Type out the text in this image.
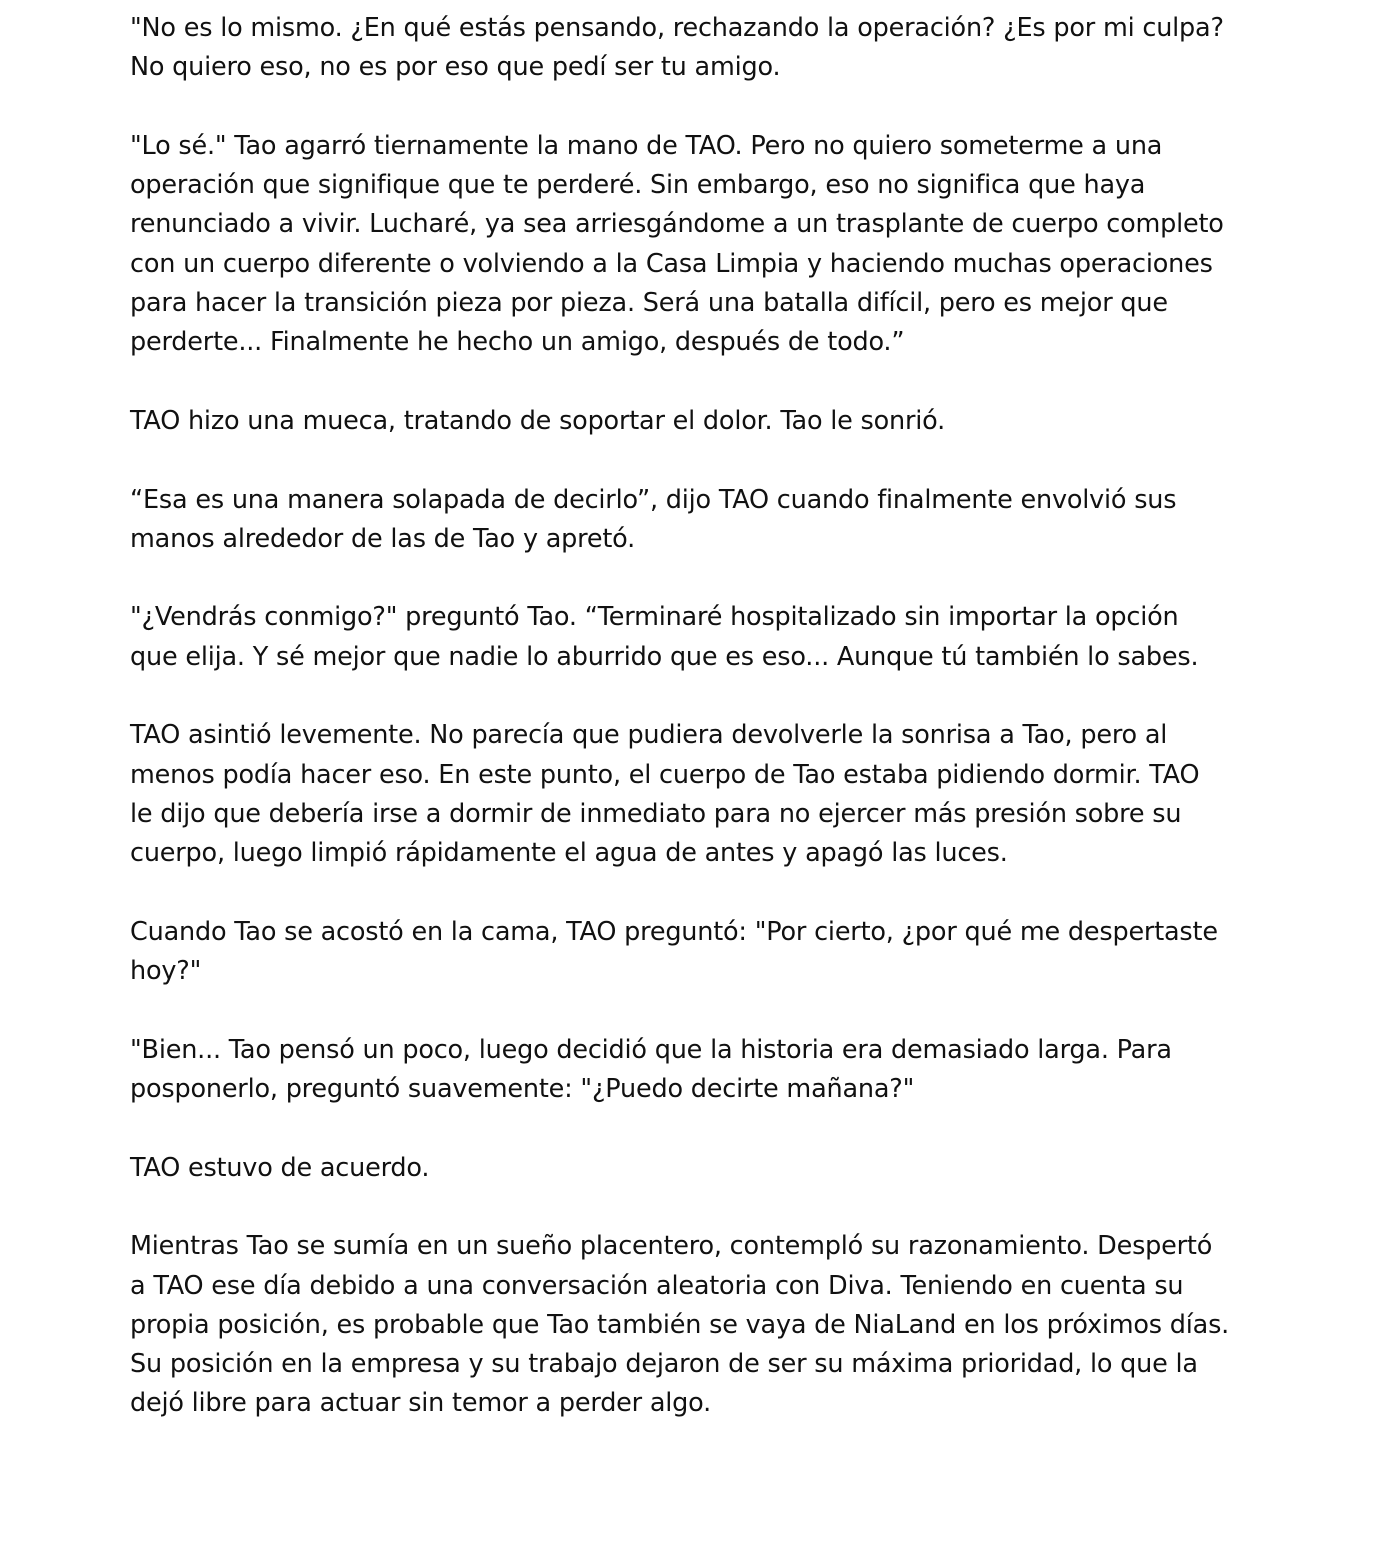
"No es lo mismo. ¿En qué estás pensando, rechazando la operación? ¿Es por mi culpa?
No quiero eso, no es por eso que pedí ser tu amigo.

"Lo sé." Tao agarró tiernamente la mano de TAO. Pero no quiero someterme a una
operación que signifique que te perderé. Sin embargo, eso no significa que haya
renunciado a vivir. Lucharé, ya sea arriesgándome a un trasplante de cuerpo completo
con un cuerpo diferente o volviendo a la Casa Limpia y haciendo muchas operaciones
para hacer la transición pieza por pieza. Será una batalla difícil, pero es mejor que
perderte... Finalmente he hecho un amigo, después de todo.”

TAO hizo una mueca, tratando de soportar el dolor. Tao le sonrió.

“Esa es una manera solapada de decirlo”, dijo TAO cuando finalmente envolvió sus
manos alrededor de las de Tao y apretó.

"¿Vendrás conmigo?" preguntó Tao. “Terminaré hospitalizado sin importar la opción
que elija. Y sé mejor que nadie lo aburrido que es eso... Aunque tú también lo sabes.

TAO asintió levemente. No parecía que pudiera devolverle la sonrisa a Tao, pero al
menos podía hacer eso. En este punto, el cuerpo de Tao estaba pidiendo dormir. TAO
le dijo que debería irse a dormir de inmediato para no ejercer más presión sobre su
cuerpo, luego limpió rápidamente el agua de antes y apagó las luces.

Cuando Tao se acostó en la cama, TAO preguntó: "Por cierto, ¿por qué me despertaste
hoy?"

"Bien... Tao pensó un poco, luego decidió que la historia era demasiado larga. Para
posponerlo, preguntó suavemente: "¿Puedo decirte mañana?"

TAO estuvo de acuerdo.

Mientras Tao se sumía en un sueño placentero, contempló su razonamiento. Despertó
a TAO ese día debido a una conversación aleatoria con Diva. Teniendo en cuenta su
propia posición, es probable que Tao también se vaya de NiaLand en los próximos días.
Su posición en la empresa y su trabajo dejaron de ser su máxima prioridad, lo que la
dejó libre para actuar sin temor a perder algo.
